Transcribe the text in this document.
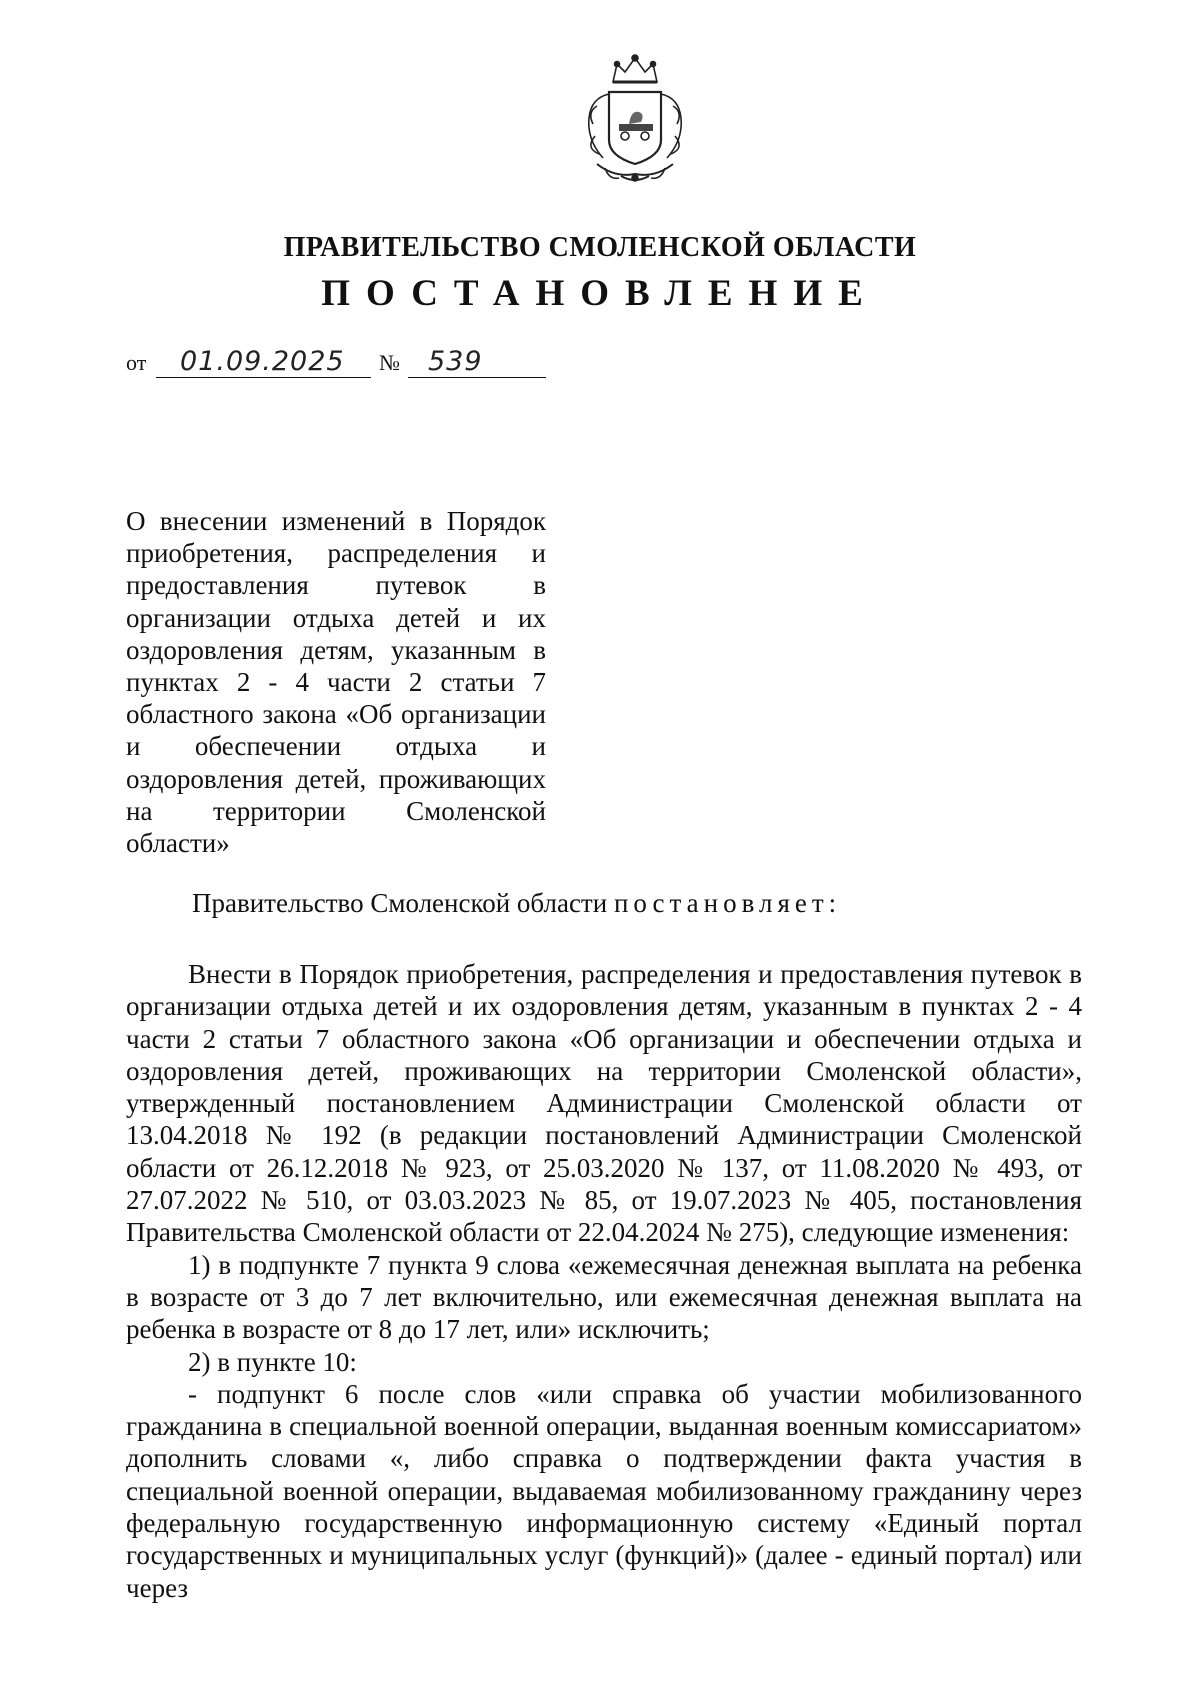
ПРАВИТЕЛЬСТВО СМОЛЕНСКОЙ ОБЛАСТИ
ПОСТАНОВЛЕНИЕ
от 01.09.2025 № 539
О внесении изменений в Порядок приобретения, распределения и предоставления путевок в организации отдыха детей и их оздоровления детям, указанным в пунктах 2 - 4 части 2 статьи 7 областного закона «Об организации и обеспечении отдыха и оздоровления детей, проживающих на территории Смоленской области»
Правительство Смоленской области постановляет:

Внести в Порядок приобретения, распределения и предоставления путевок в организации отдыха детей и их оздоровления детям, указанным в пунктах 2 - 4 части 2 статьи 7 областного закона «Об организации и обеспечении отдыха и оздоровления детей, проживающих на территории Смоленской области», утвержденный постановлением Администрации Смоленской области от 13.04.2018 № 192 (в редакции постановлений Администрации Смоленской области от 26.12.2018 № 923, от 25.03.2020 № 137, от 11.08.2020 № 493, от 27.07.2022 № 510, от 03.03.2023 № 85, от 19.07.2023 № 405, постановления Правительства Смоленской области от 22.04.2024 № 275), следующие изменения:

1) в подпункте 7 пункта 9 слова «ежемесячная денежная выплата на ребенка в возрасте от 3 до 7 лет включительно, или ежемесячная денежная выплата на ребенка в возрасте от 8 до 17 лет, или» исключить;

2) в пункте 10:

- подпункт 6 после слов «или справка об участии мобилизованного гражданина в специальной военной операции, выданная военным комиссариатом» дополнить словами «, либо справка о подтверждении факта участия в специальной военной операции, выдаваемая мобилизованному гражданину через федеральную государственную информационную систему «Единый портал государственных и муниципальных услуг (функций)» (далее - единый портал) или через
